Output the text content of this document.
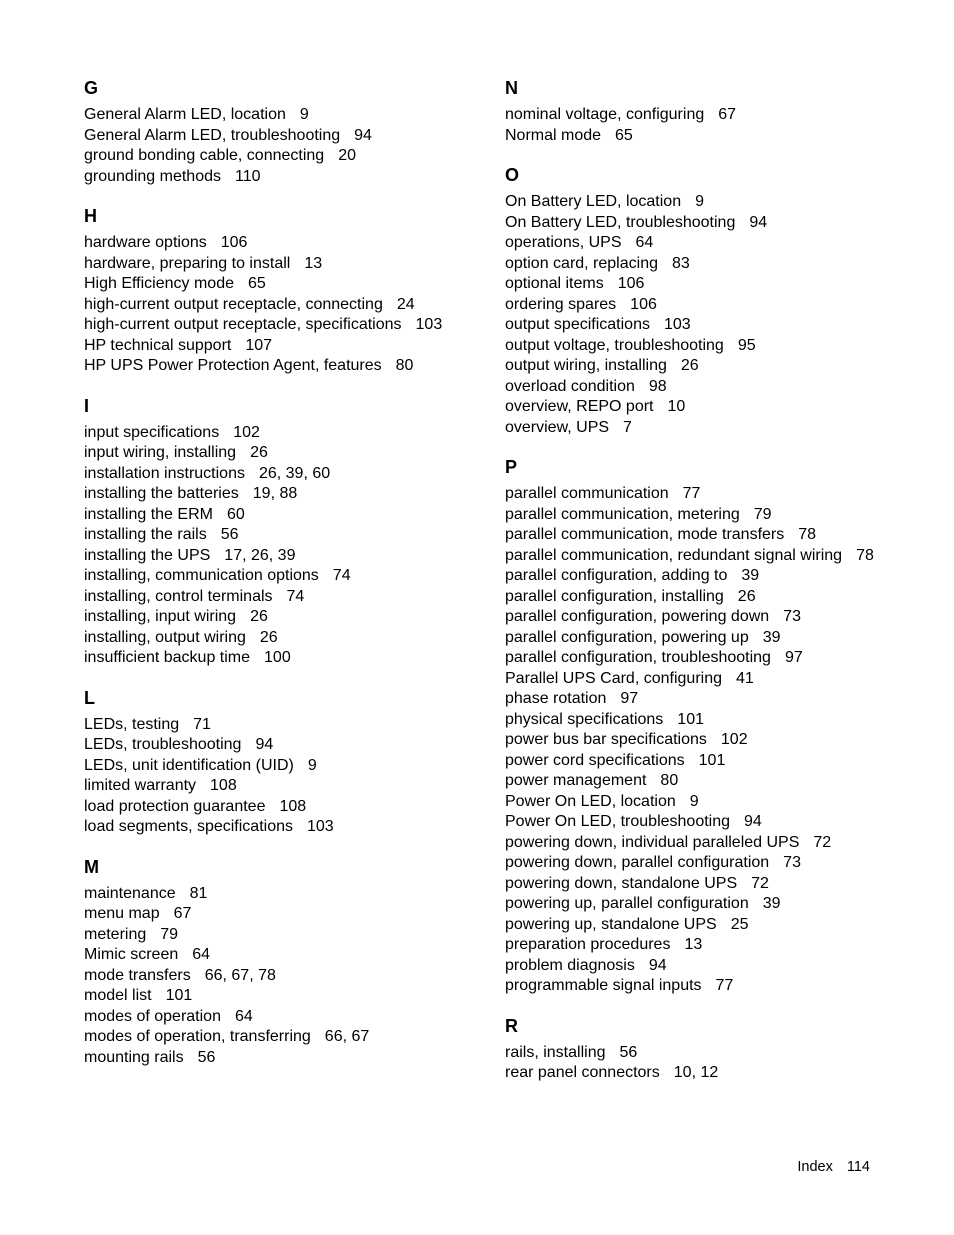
G
General Alarm LED, location 9
General Alarm LED, troubleshooting 94
ground bonding cable, connecting 20
grounding methods 110
H
hardware options 106
hardware, preparing to install 13
High Efficiency mode 65
high-current output receptacle, connecting 24
high-current output receptacle, specifications 103
HP technical support 107
HP UPS Power Protection Agent, features 80
I
input specifications 102
input wiring, installing 26
installation instructions 26, 39, 60
installing the batteries 19, 88
installing the ERM 60
installing the rails 56
installing the UPS 17, 26, 39
installing, communication options 74
installing, control terminals 74
installing, input wiring 26
installing, output wiring 26
insufficient backup time 100
L
LEDs, testing 71
LEDs, troubleshooting 94
LEDs, unit identification (UID) 9
limited warranty 108
load protection guarantee 108
load segments, specifications 103
M
maintenance 81
menu map 67
metering 79
Mimic screen 64
mode transfers 66, 67, 78
model list 101
modes of operation 64
modes of operation, transferring 66, 67
mounting rails 56
N
nominal voltage, configuring 67
Normal mode 65
O
On Battery LED, location 9
On Battery LED, troubleshooting 94
operations, UPS 64
option card, replacing 83
optional items 106
ordering spares 106
output specifications 103
output voltage, troubleshooting 95
output wiring, installing 26
overload condition 98
overview, REPO port 10
overview, UPS 7
P
parallel communication 77
parallel communication, metering 79
parallel communication, mode transfers 78
parallel communication, redundant signal wiring 78
parallel configuration, adding to 39
parallel configuration, installing 26
parallel configuration, powering down 73
parallel configuration, powering up 39
parallel configuration, troubleshooting 97
Parallel UPS Card, configuring 41
phase rotation 97
physical specifications 101
power bus bar specifications 102
power cord specifications 101
power management 80
Power On LED, location 9
Power On LED, troubleshooting 94
powering down, individual paralleled UPS 72
powering down, parallel configuration 73
powering down, standalone UPS 72
powering up, parallel configuration 39
powering up, standalone UPS 25
preparation procedures 13
problem diagnosis 94
programmable signal inputs 77
R
rails, installing 56
rear panel connectors 10, 12
Index 114
